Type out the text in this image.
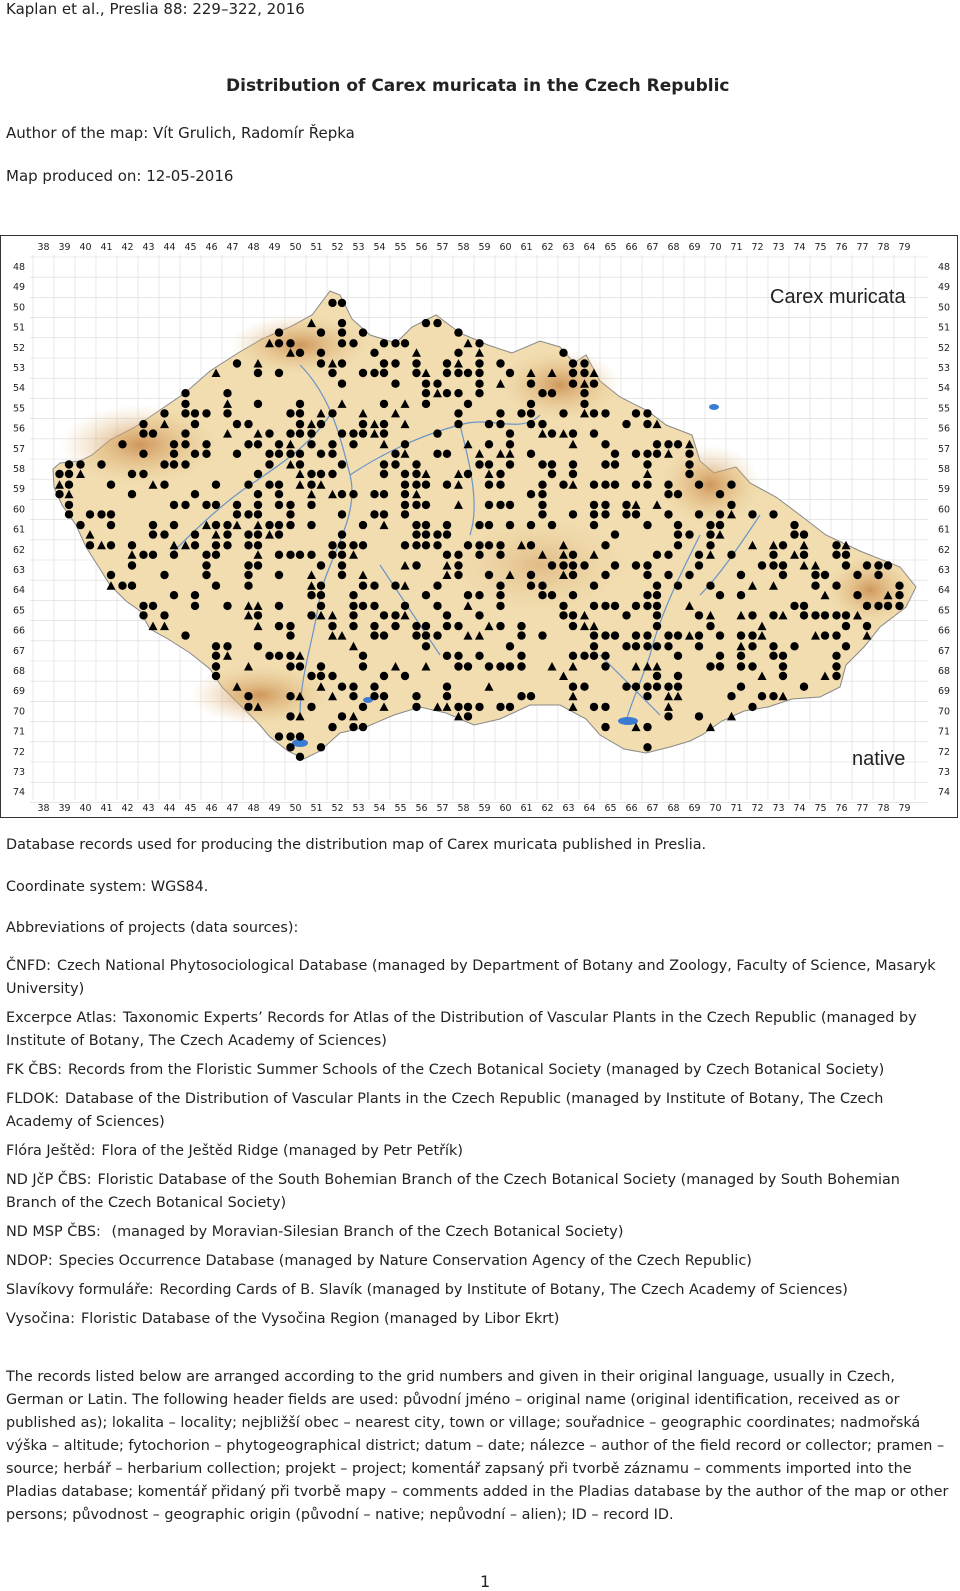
Kaplan et al., Preslia 88: 229–322, 2016
Distribution of Carex muricata in the Czech Republic
Author of the map: Vít Grulich, Radomír Řepka
Map produced on: 12-05-2016
38 39 40 41 42 43 44 45 46 47 48 49 50 51 52 53 54 55 56 57 58 59 60 61 62 63 64 65 66 67 68 69 70 71 72 73 74 75 76 77 78 79
38 39 40 41 42 43 44 45 46 47 48 49 50 51 52 53 54 55 56 57 58 59 60 61 62 63 64 65 66 67 68 69 70 71 72 73 74 75 76 77 78 79
48
49
50
51
52
53
54
55
56
57
58
59
60
61
62
63
64
65
66
67
68
69
70
71
72
73
74
48
49
50
51
52
53
54
55
56
57
58
59
60
61
62
63
64
65
66
67
68
69
70
71
72
73
74
Carex muricata
native
Database records used for producing the distribution map of Carex muricata published in Preslia.
Coordinate system: WGS84.
Abbreviations of projects (data sources):
ČNFD: Czech National Phytosociological Database (managed by Department of Botany and Zoology, Faculty of Science, Masaryk University)
Excerpce Atlas: Taxonomic Experts’ Records for Atlas of the Distribution of Vascular Plants in the Czech Republic (managed by Institute of Botany, The Czech Academy of Sciences)
FK ČBS: Records from the Floristic Summer Schools of the Czech Botanical Society (managed by Czech Botanical Society)
FLDOK: Database of the Distribution of Vascular Plants in the Czech Republic (managed by Institute of Botany, The Czech Academy of Sciences)
Flóra Ještěd: Flora of the Ještěd Ridge (managed by Petr Petřík)
ND JčP ČBS: Floristic Database of the South Bohemian Branch of the Czech Botanical Society (managed by South Bohemian Branch of the Czech Botanical Society)
ND MSP ČBS: (managed by Moravian-Silesian Branch of the Czech Botanical Society)
NDOP: Species Occurrence Database (managed by Nature Conservation Agency of the Czech Republic)
Slavíkovy formuláře: Recording Cards of B. Slavík (managed by Institute of Botany, The Czech Academy of Sciences)
Vysočina: Floristic Database of the Vysočina Region (managed by Libor Ekrt)
The records listed below are arranged according to the grid numbers and given in their original language, usually in Czech, German or Latin. The following header fields are used: původní jméno – original name (original identification, received as or published as); lokalita – locality; nejbližší obec – nearest city, town or village; souřadnice – geographic coordinates; nadmořská výška – altitude; fytochorion – phytogeographical district; datum – date; nálezce – author of the field record or collector; pramen – source; herbář – herbarium collection; projekt – project; komentář zapsaný při tvorbě záznamu – comments imported into the Pladias database; komentář přidaný při tvorbě mapy – comments added in the Pladias database by the author of the map or other persons; původnost – geographic origin (původní – native; nepůvodní – alien); ID – record ID.
1
